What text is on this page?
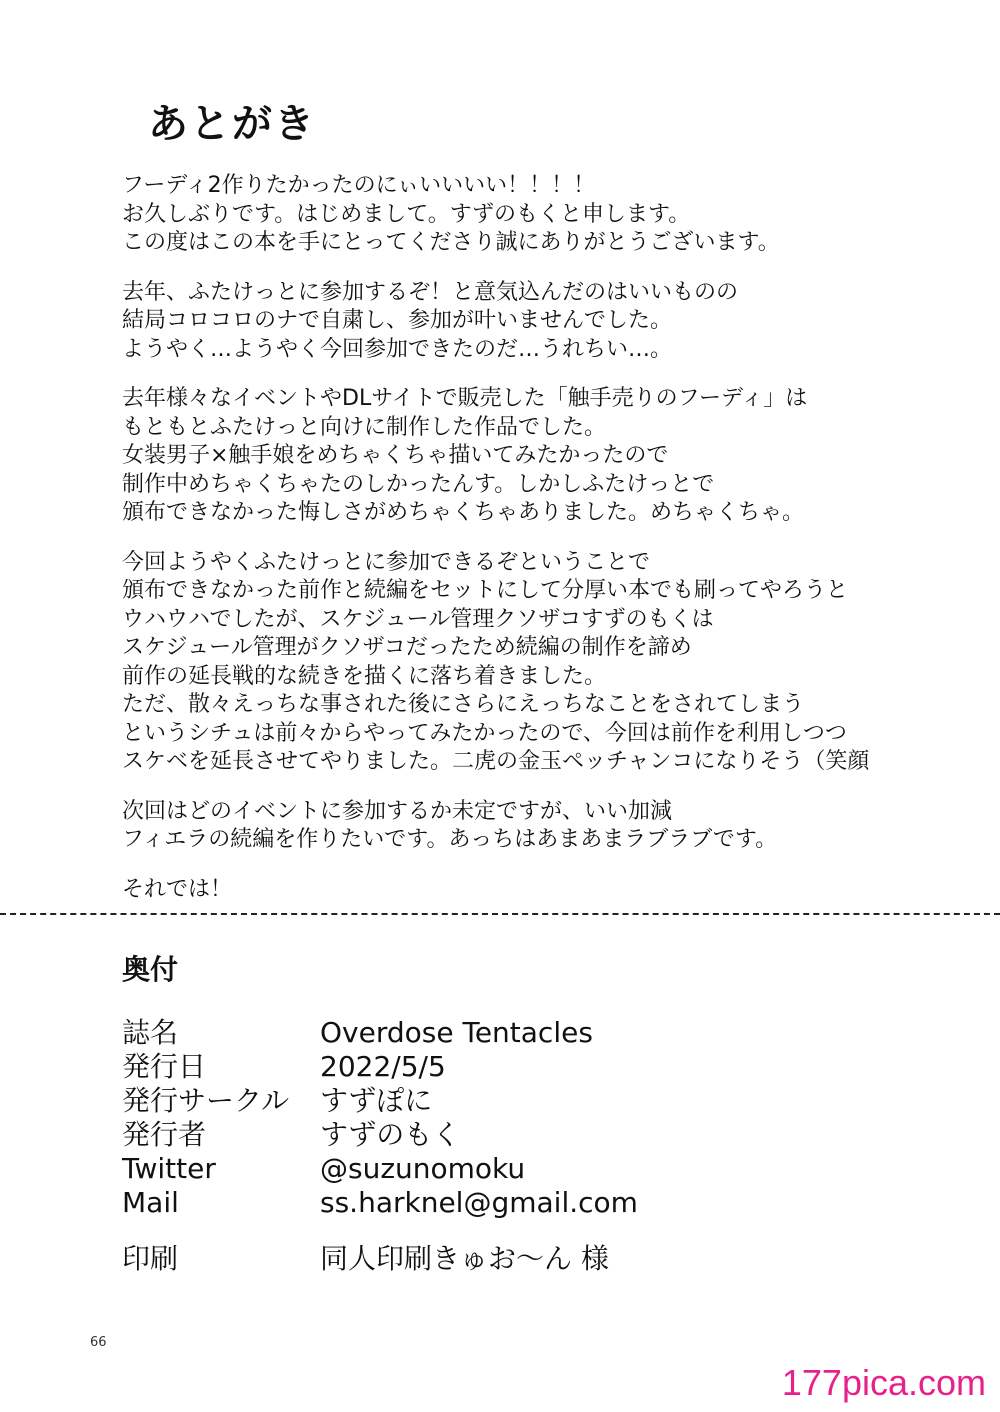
あとがき

フーディ2作りたかったのにぃいいいい！！！！
お久しぶりです。はじめまして。すずのもくと申します。
この度はこの本を手にとってくださり誠にありがとうございます。

去年、ふたけっとに参加するぞ！と意気込んだのはいいものの
結局コロコロのナで自粛し、参加が叶いませんでした。
ようやく…ようやく今回参加できたのだ…うれちい…。

去年様々なイベントやDLサイトで販売した「触手売りのフーディ」は
もともとふたけっと向けに制作した作品でした。
女装男子×触手娘をめちゃくちゃ描いてみたかったので
制作中めちゃくちゃたのしかったんす。しかしふたけっとで
頒布できなかった悔しさがめちゃくちゃありました。めちゃくちゃ。

今回ようやくふたけっとに参加できるぞということで
頒布できなかった前作と続編をセットにして分厚い本でも刷ってやろうと
ウハウハでしたが、スケジュール管理クソザコすずのもくは
スケジュール管理がクソザコだったため続編の制作を諦め
前作の延長戦的な続きを描くに落ち着きました。
ただ、散々えっちな事された後にさらにえっちなことをされてしまう
というシチュは前々からやってみたかったので、今回は前作を利用しつつ
スケベを延長させてやりました。二虎の金玉ペッチャンコになりそう（笑顔

次回はどのイベントに参加するか未定ですが、いい加減
フィエラの続編を作りたいです。あっちはあまあまラブラブです。

それでは！

奥付
誌名	Overdose Tentacles
発行日	2022/5/5
発行サークル	すずぽに
発行者	すずのもく
Twitter	@suzunomoku
Mail	ss.harknel@gmail.com
印刷	同人印刷きゅお〜ん 様
66
177pica.com
